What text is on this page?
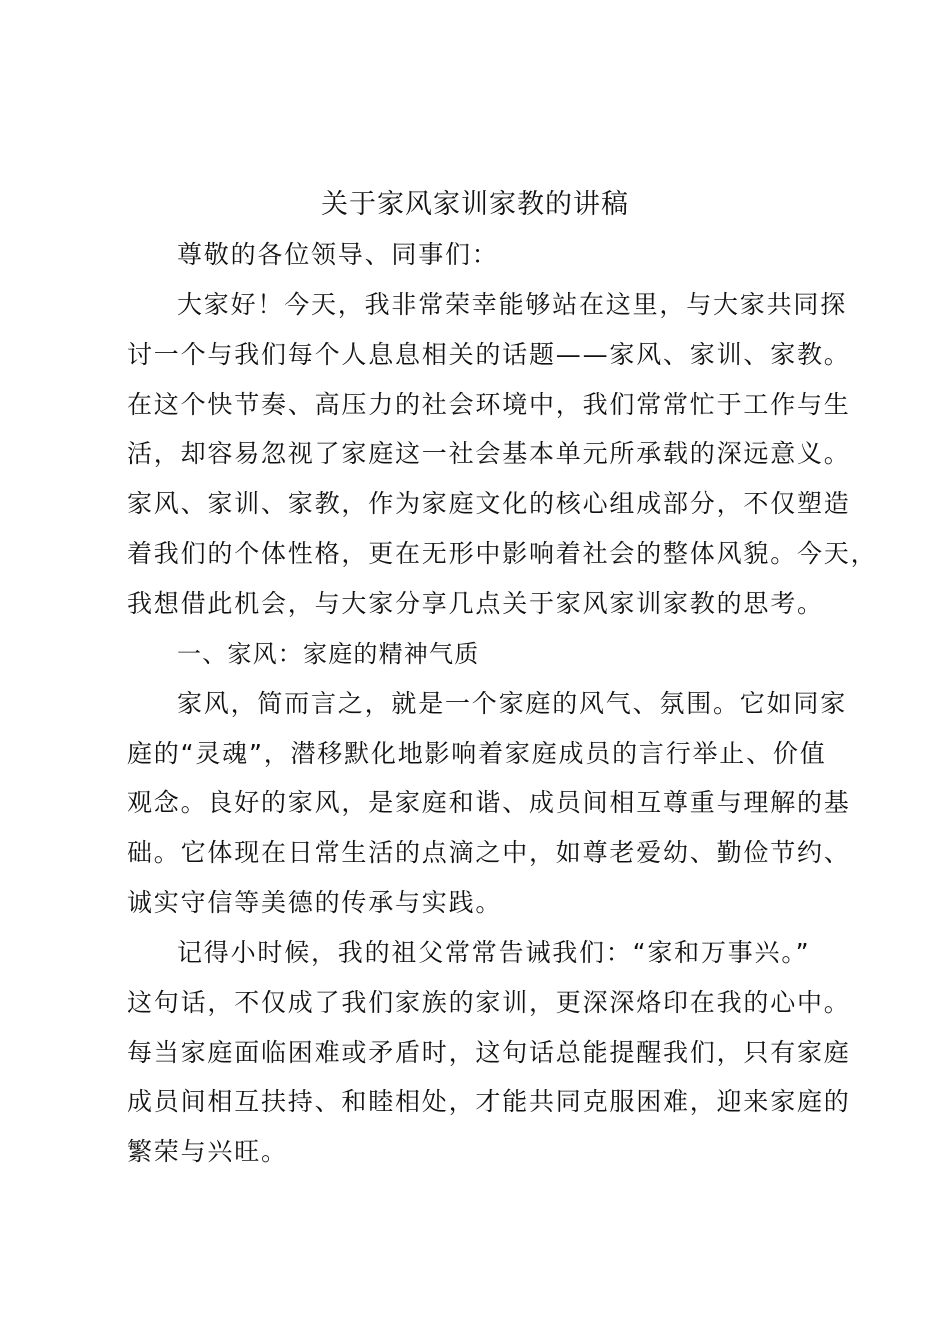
关于家风家训家教的讲稿
尊敬的各位领导、同事们：
大家好！今天，我非常荣幸能够站在这里，与大家共同探
讨一个与我们每个人息息相关的话题——家风、家训、家教。
在这个快节奏、高压力的社会环境中，我们常常忙于工作与生
活，却容易忽视了家庭这一社会基本单元所承载的深远意义。
家风、家训、家教，作为家庭文化的核心组成部分，不仅塑造
着我们的个体性格，更在无形中影响着社会的整体风貌。今天，
我想借此机会，与大家分享几点关于家风家训家教的思考。
一、家风：家庭的精神气质
家风，简而言之，就是一个家庭的风气、氛围。它如同家
庭的“灵魂”，潜移默化地影响着家庭成员的言行举止、价值
观念。良好的家风，是家庭和谐、成员间相互尊重与理解的基
础。它体现在日常生活的点滴之中，如尊老爱幼、勤俭节约、
诚实守信等美德的传承与实践。
记得小时候，我的祖父常常告诫我们：“家和万事兴。”
这句话，不仅成了我们家族的家训，更深深烙印在我的心中。
每当家庭面临困难或矛盾时，这句话总能提醒我们，只有家庭
成员间相互扶持、和睦相处，才能共同克服困难，迎来家庭的
繁荣与兴旺。
